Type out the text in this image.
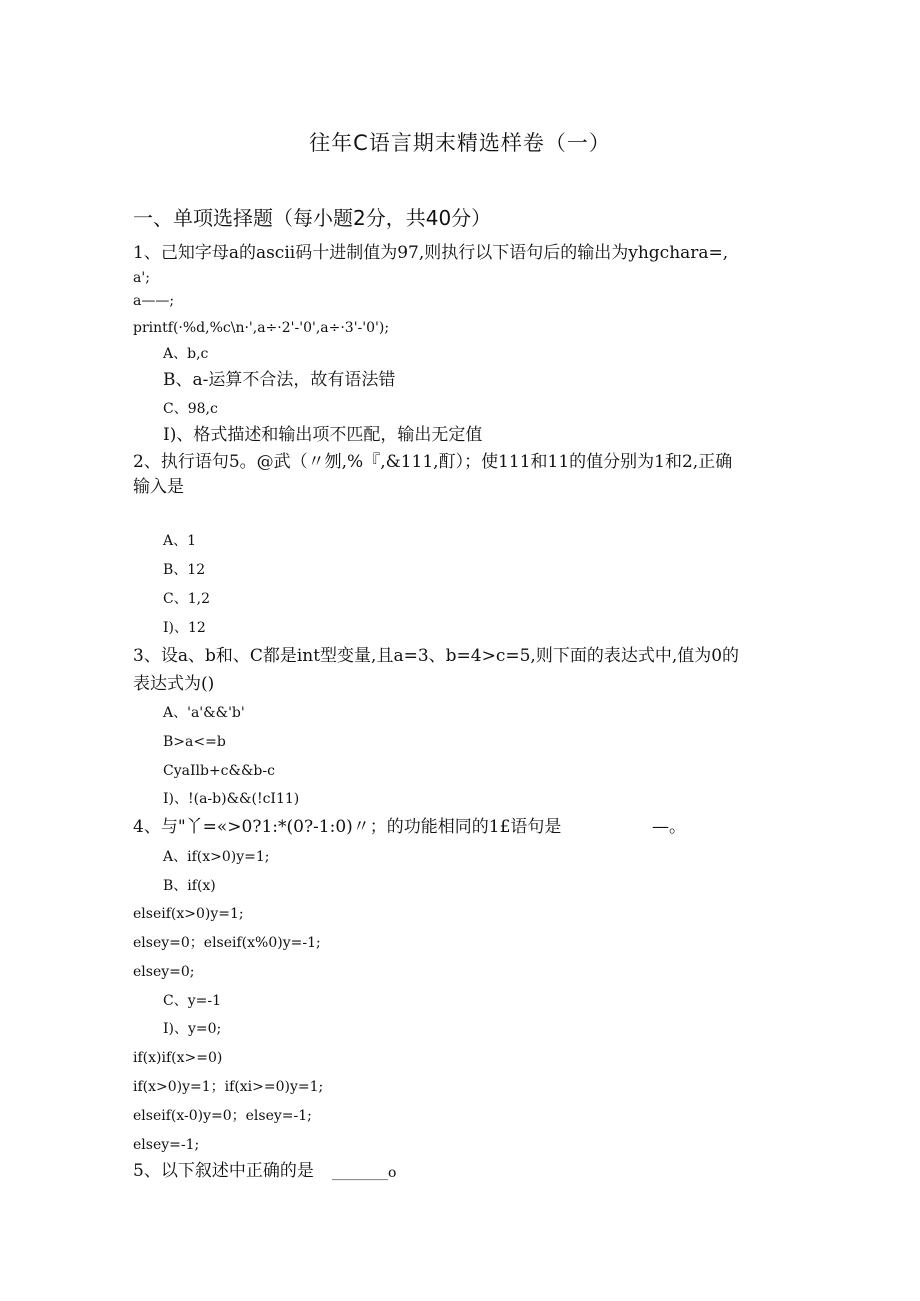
往年C语言期末精选样卷（一）
一、单项选择题（每小题2分，共40分）
1、己知字母a的ascii码十进制值为97,则执行以下语句后的输出为yhgchara=,
a';
a——;
printf(·%d,%c\n·',a÷·2'-'0',a÷·3'-'0');
A、b,c
B、a-运算不合法，故有语法错
C、98,c
I)、格式描述和输出项不匹配，输出无定值
2、执行语句5。@武（〃刎,%『,&111,酊）；使111和11的值分别为1和2,正确
输入是
A、1
B、12
C、1,2
I)、12
3、设a、b和、C都是int型变量,且a=3、b=4>c=5,则下面的表达式中,值为0的
表达式为()
A、'a'&&'b'
B>a<=b
CyaIlb+c&&b-c
I)、!(a-b)&&(!cI11)
4、与"丫=«>0?1:*(0?-1:0)〃；的功能相同的1£语句是	—。
A、if(x>0)y=1;
B、if(x)
elseif(x>0)y=1;
elsey=0；elseif(x%0)y=-1;
elsey=0;
C、y=-1
I)、y=0;
if(x)if(x>=0)
if(x>0)y=1；if(xi>=0)y=1;
elseif(x-0)y=0；elsey=-1;
elsey=-1;
5、以下叙述中正确的是 ________o
